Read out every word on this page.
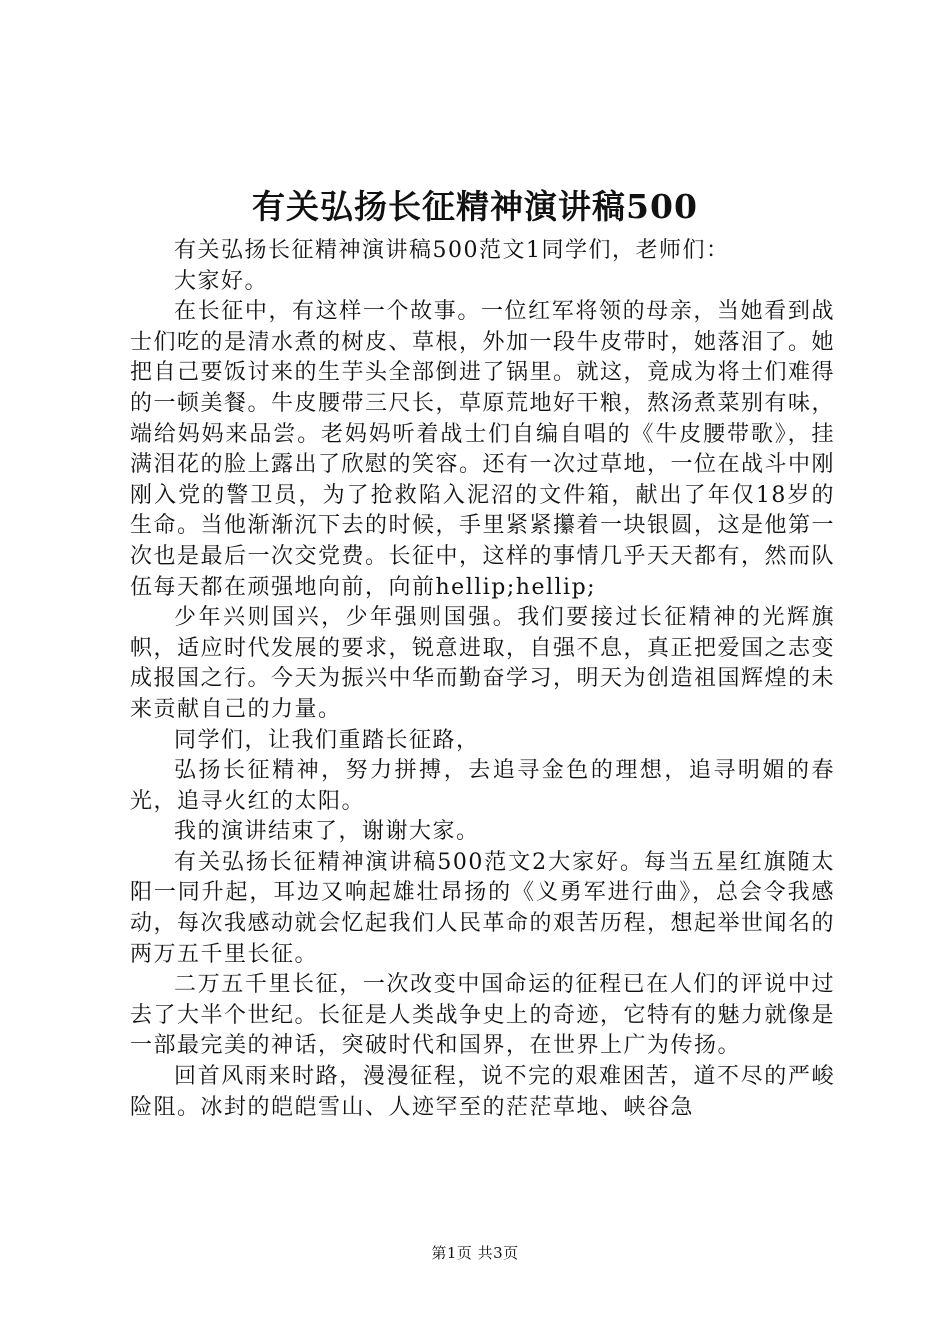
有关弘扬长征精神演讲稿500

有关弘扬长征精神演讲稿500范文1同学们，老师们：

大家好。

在长征中，有这样一个故事。一位红军将领的母亲，当她看到战士们吃的是清水煮的树皮、草根，外加一段牛皮带时，她落泪了。她把自己要饭讨来的生芋头全部倒进了锅里。就这，竟成为将士们难得的一顿美餐。牛皮腰带三尺长，草原荒地好干粮，熬汤煮菜别有味，端给妈妈来品尝。老妈妈听着战士们自编自唱的《牛皮腰带歌》，挂满泪花的脸上露出了欣慰的笑容。还有一次过草地，一位在战斗中刚刚入党的警卫员，为了抢救陷入泥沼的文件箱，献出了年仅18岁的生命。当他渐渐沉下去的时候，手里紧紧攥着一块银圆，这是他第一次也是最后一次交党费。长征中，这样的事情几乎天天都有，然而队伍每天都在顽强地向前，向前hellip;hellip;

少年兴则国兴，少年强则国强。我们要接过长征精神的光辉旗帜，适应时代发展的要求，锐意进取，自强不息，真正把爱国之志变成报国之行。今天为振兴中华而勤奋学习，明天为创造祖国辉煌的未来贡献自己的力量。

同学们，让我们重踏长征路，

弘扬长征精神，努力拼搏，去追寻金色的理想，追寻明媚的春光，追寻火红的太阳。

我的演讲结束了，谢谢大家。

有关弘扬长征精神演讲稿500范文2大家好。每当五星红旗随太阳一同升起，耳边又响起雄壮昂扬的《义勇军进行曲》，总会令我感动，每次我感动就会忆起我们人民革命的艰苦历程，想起举世闻名的两万五千里长征。

二万五千里长征，一次改变中国命运的征程已在人们的评说中过去了大半个世纪。长征是人类战争史上的奇迹，它特有的魅力就像是一部最完美的神话，突破时代和国界，在世界上广为传扬。

回首风雨来时路，漫漫征程，说不完的艰难困苦，道不尽的严峻险阻。冰封的皑皑雪山、人迹罕至的茫茫草地、峡谷急

第1页 共3页
